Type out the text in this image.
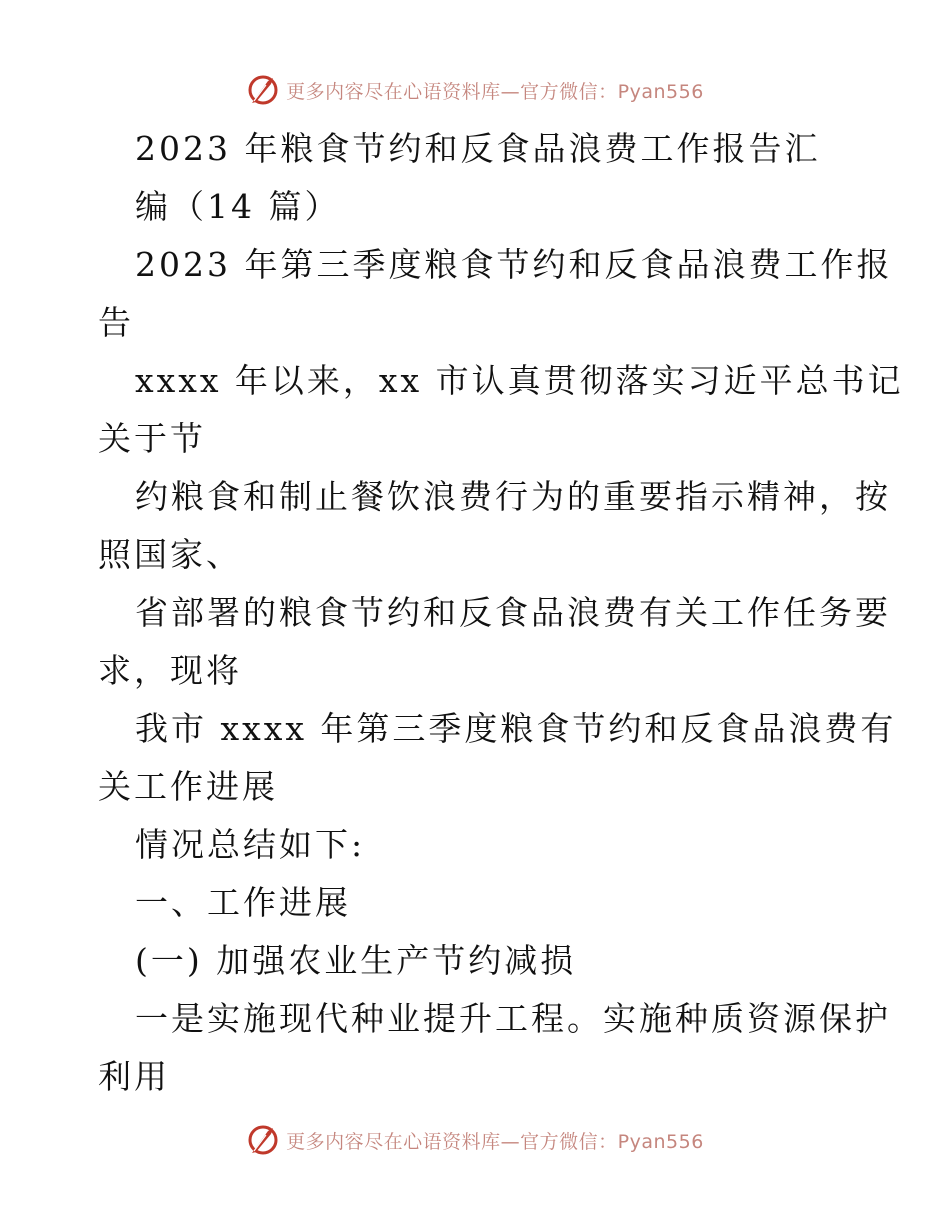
更多内容尽在心语资料库—官方微信：Pyan556
2023 年粮食节约和反食品浪费工作报告汇
编（14 篇）
2023 年第三季度粮食节约和反食品浪费工作报
告
xxxx 年以来，xx 市认真贯彻落实习近平总书记
关于节
约粮食和制止餐饮浪费行为的重要指示精神，按
照国家、
省部署的粮食节约和反食品浪费有关工作任务要
求，现将
我市 xxxx 年第三季度粮食节约和反食品浪费有
关工作进展
情况总结如下:
一、工作进展
(一) 加强农业生产节约减损
一是实施现代种业提升工程。实施种质资源保护
利用
更多内容尽在心语资料库—官方微信：Pyan556
